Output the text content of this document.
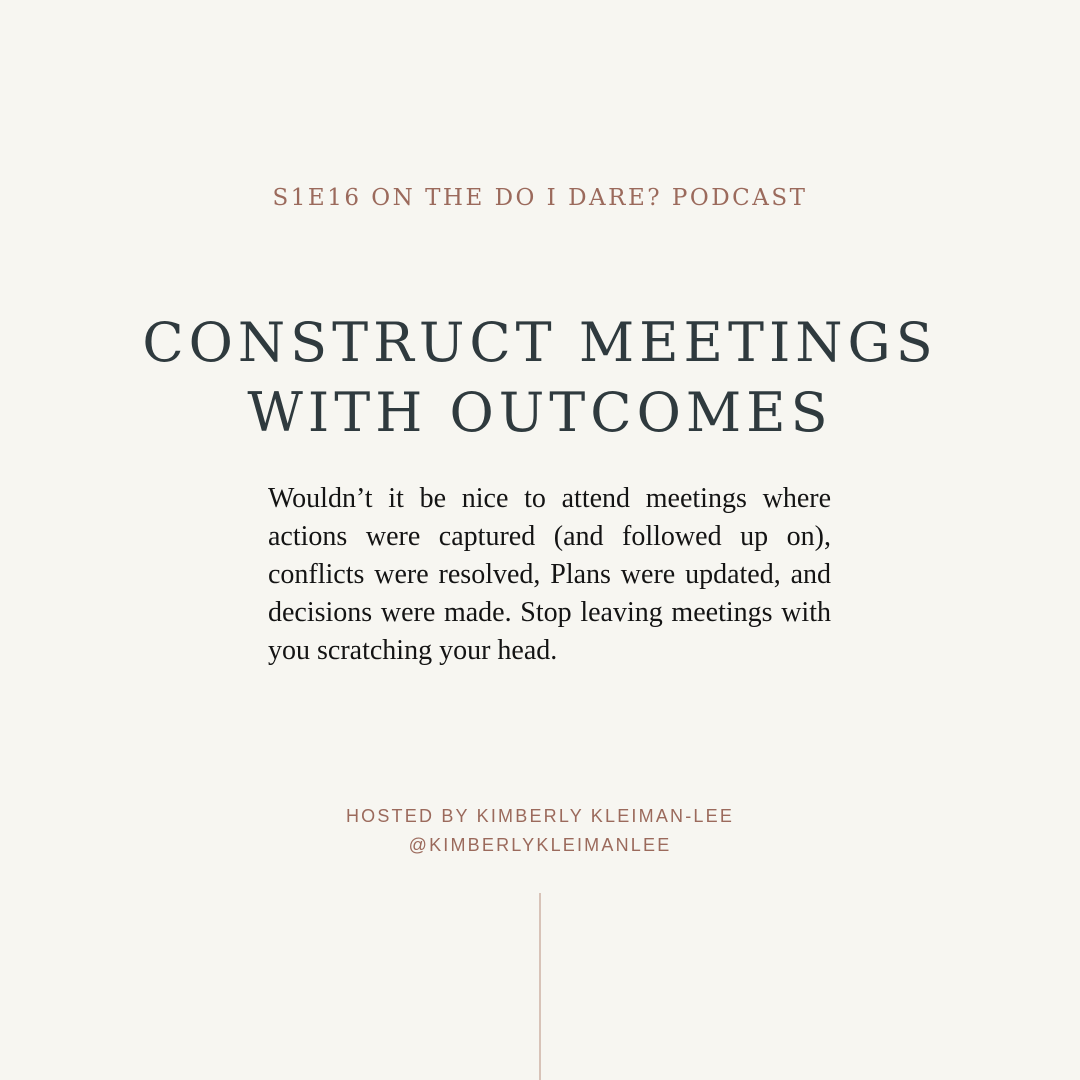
S1E16 ON THE DO I DARE? PODCAST
CONSTRUCT MEETINGS
WITH OUTCOMES
Wouldn’t it be nice to attend meetings where actions were captured (and followed up on), conflicts were resolved, Plans were updated, and decisions were made. Stop leaving meetings with you scratching your head.
HOSTED BY KIMBERLY KLEIMAN-LEE
@KIMBERLYKLEIMANLEE
